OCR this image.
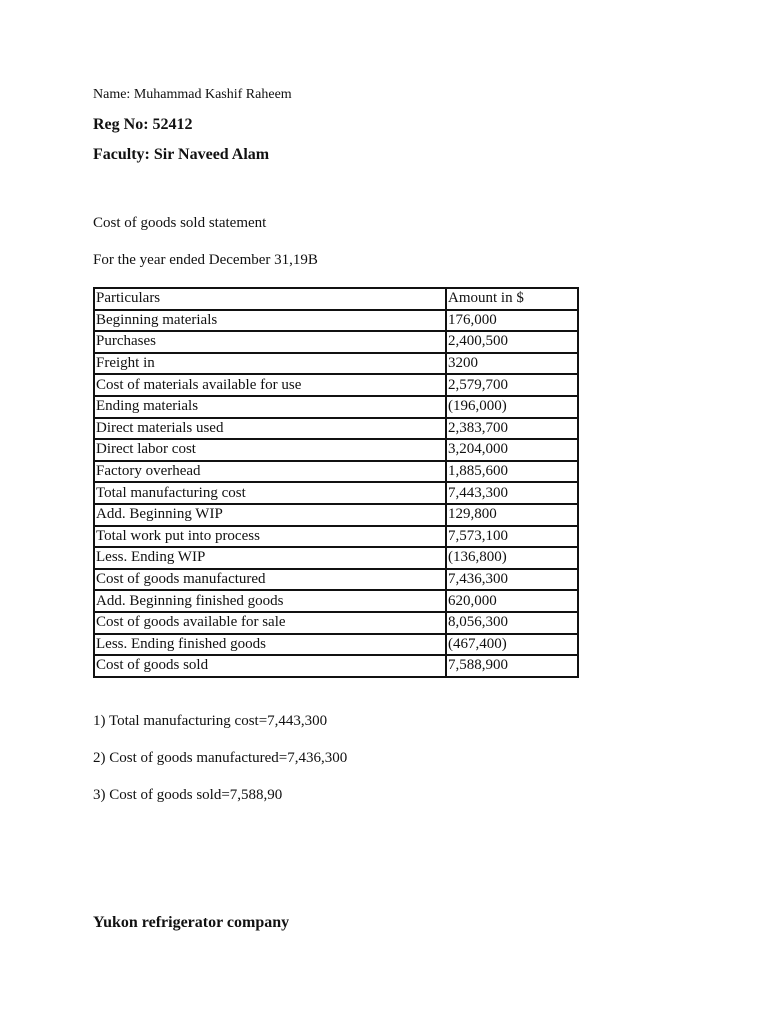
Name: Muhammad Kashif Raheem
Reg No: 52412
Faculty: Sir Naveed Alam
Cost of goods sold statement
For the year ended December 31,19B
Particulars	Amount in $
Beginning materials	176,000
Purchases	2,400,500
Freight in	3200
Cost of materials available for use	2,579,700
Ending materials	(196,000)
Direct materials used	2,383,700
Direct labor cost	3,204,000
Factory overhead	1,885,600
Total manufacturing cost	7,443,300
Add. Beginning WIP	129,800
Total work put into process	7,573,100
Less. Ending WIP	(136,800)
Cost of goods manufactured	7,436,300
Add. Beginning finished goods	620,000
Cost of goods available for sale	8,056,300
Less. Ending finished goods	(467,400)
Cost of goods sold	7,588,900
1) Total manufacturing cost=7,443,300
2) Cost of goods manufactured=7,436,300
3) Cost of goods sold=7,588,90
Yukon refrigerator company
